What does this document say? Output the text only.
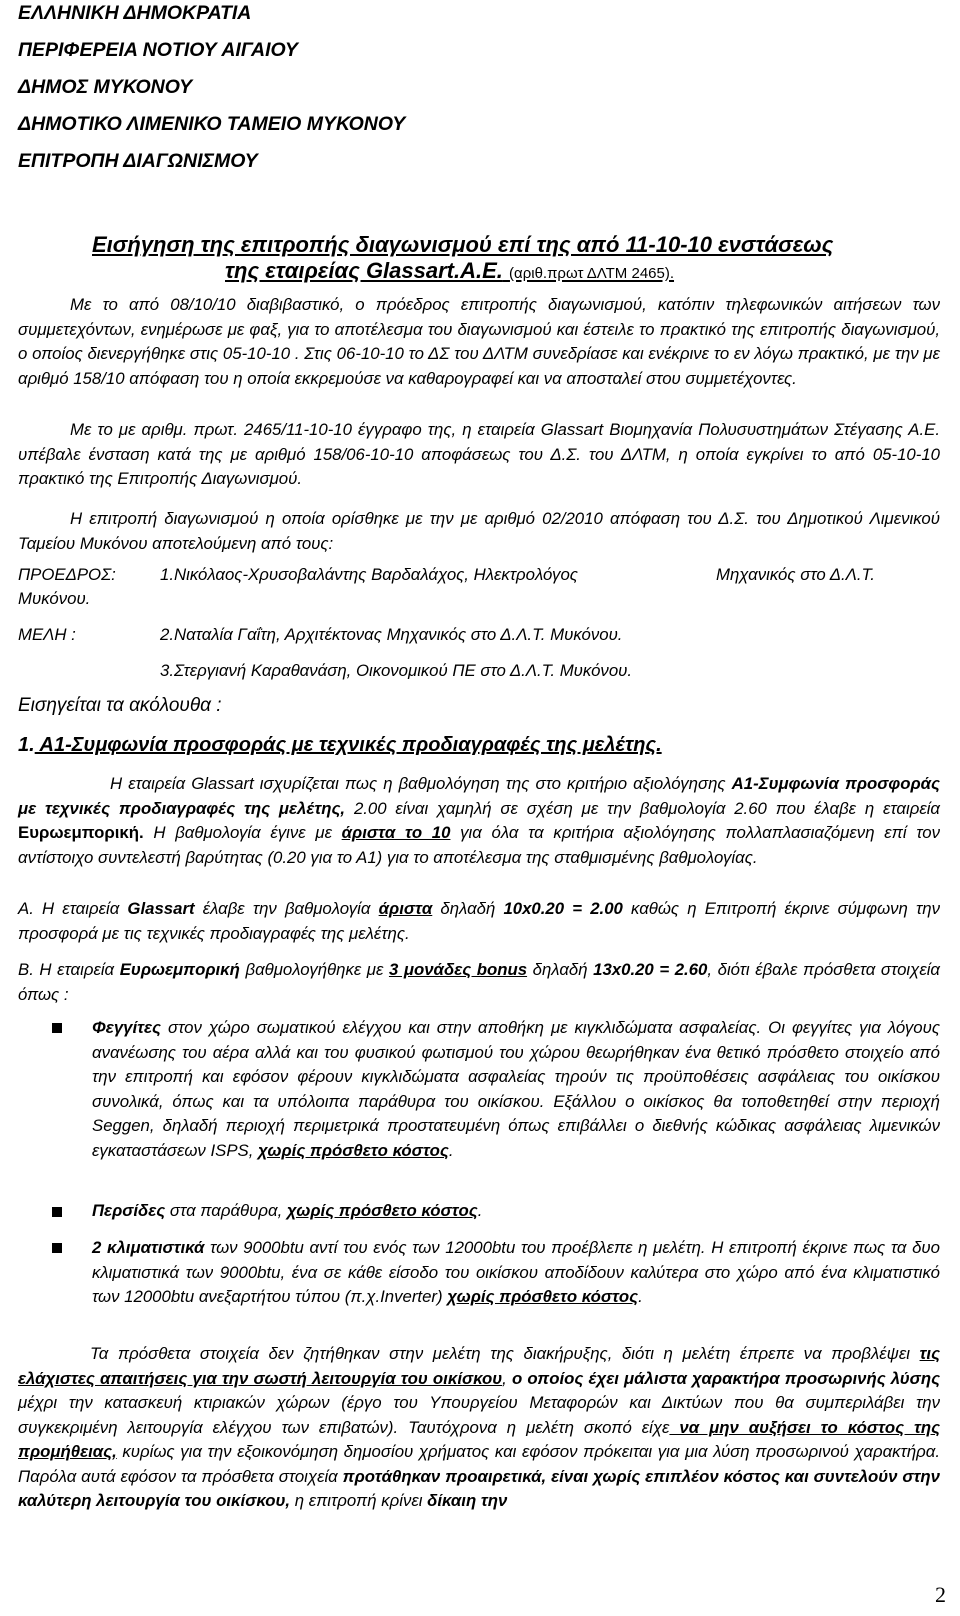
ΕΛΛΗΝΙΚΗ ΔΗΜΟΚΡΑΤΙΑ
ΠΕΡΙΦΕΡΕΙΑ ΝΟΤΙΟΥ ΑΙΓΑΙΟΥ
ΔΗΜΟΣ ΜΥΚΟΝΟΥ
ΔΗΜΟΤΙΚΟ ΛΙΜΕΝΙΚΟ ΤΑΜΕΙΟ ΜΥΚΟΝΟΥ
ΕΠΙΤΡΟΠΗ ΔΙΑΓΩΝΙΣΜΟΥ
Εισήγηση της επιτροπής διαγωνισμού επί της από 11-10-10 ενστάσεως
της εταιρείας Glassart.Α.Ε. (αριθ.πρωτ ΔΛΤΜ 2465).
Με το από 08/10/10 διαβιβαστικό, ο πρόεδρος επιτροπής διαγωνισμού, κατόπιν τηλεφωνικών αιτήσεων των συμμετεχόντων, ενημέρωσε με φαξ, για το αποτέλεσμα του διαγωνισμού και έστειλε το πρακτικό της επιτροπής διαγωνισμού, ο οποίος διενεργήθηκε στις 05-10-10 . Στις 06-10-10 το ΔΣ του ΔΛΤΜ συνεδρίασε και ενέκρινε το εν λόγω πρακτικό, με την με αριθμό 158/10 απόφαση του η οποία εκκρεμούσε να καθαρογραφεί και να αποσταλεί στου συμμετέχοντες.
Με το με αριθμ. πρωτ. 2465/11-10-10 έγγραφο της, η εταιρεία Glassart Βιομηχανία Πολυσυστημάτων Στέγασης Α.Ε. υπέβαλε ένσταση κατά της με αριθμό 158/06-10-10 αποφάσεως του Δ.Σ. του ΔΛΤΜ, η οποία εγκρίνει το από 05-10-10 πρακτικό της Επιτροπής Διαγωνισμού.
Η επιτροπή διαγωνισμού η οποία ορίσθηκε με την με αριθμό 02/2010 απόφαση του Δ.Σ. του Δημοτικού Λιμενικού Ταμείου Μυκόνου αποτελούμενη από τους:
ΠΡΟΕΔΡΟΣ:	1.Νικόλαος-Χρυσοβαλάντης Βαρδαλάχος, Ηλεκτρολόγος	Μηχανικός στο Δ.Λ.Τ.
Μυκόνου.
ΜΕΛΗ :	2.Ναταλία Γαΐτη, Αρχιτέκτονας Μηχανικός στο Δ.Λ.Τ. Μυκόνου.
3.Στεργιανή Καραθανάση, Οικονομικού ΠΕ στο Δ.Λ.Τ. Μυκόνου.
Εισηγείται τα ακόλουθα :
1. Α1-Συμφωνία προσφοράς με τεχνικές προδιαγραφές της μελέτης.
Η εταιρεία Glassart ισχυρίζεται πως η βαθμολόγηση της στο κριτήριο αξιολόγησης Α1-Συμφωνία προσφοράς με τεχνικές προδιαγραφές της μελέτης, 2.00 είναι χαμηλή σε σχέση με την βαθμολογία 2.60 που έλαβε η εταιρεία Ευρωεμπορική. Η βαθμολογία έγινε με άριστα το 10 για όλα τα κριτήρια αξιολόγησης πολλαπλασιαζόμενη επί τον αντίστοιχο συντελεστή βαρύτητας (0.20 για το Α1) για το αποτέλεσμα της σταθμισμένης βαθμολογίας.
Α. Η εταιρεία Glassart έλαβε την βαθμολογία άριστα δηλαδή 10x0.20 = 2.00 καθώς η Επιτροπή έκρινε σύμφωνη την προσφορά με τις τεχνικές προδιαγραφές της μελέτης.
Β. Η εταιρεία Ευρωεμπορική βαθμολογήθηκε με 3 μονάδες bonus δηλαδή 13x0.20 = 2.60, διότι έβαλε πρόσθετα στοιχεία όπως :
Φεγγίτες στον χώρο σωματικού ελέγχου και στην αποθήκη με κιγκλιδώματα ασφαλείας. Οι φεγγίτες για λόγους ανανέωσης του αέρα αλλά και του φυσικού φωτισμού του χώρου θεωρήθηκαν ένα θετικό πρόσθετο στοιχείο από την επιτροπή και εφόσον φέρουν κιγκλιδώματα ασφαλείας τηρούν τις προϋποθέσεις ασφάλειας του οικίσκου συνολικά, όπως και τα υπόλοιπα παράθυρα του οικίσκου. Εξάλλου ο οικίσκος θα τοποθετηθεί στην περιοχή Seggen, δηλαδή περιοχή περιμετρικά προστατευμένη όπως επιβάλλει ο διεθνής κώδικας ασφάλειας λιμενικών εγκαταστάσεων ISPS, χωρίς πρόσθετο κόστος.
Περσίδες στα παράθυρα, χωρίς πρόσθετο κόστος.
2 κλιματιστικά των 9000btu αντί του ενός των 12000btu του προέβλεπε η μελέτη. Η επιτροπή έκρινε πως τα δυο κλιματιστικά των 9000btu, ένα σε κάθε είσοδο του οικίσκου αποδίδουν καλύτερα στο χώρο από ένα κλιματιστικό των 12000btu ανεξαρτήτου τύπου (π.χ.Inverter) χωρίς πρόσθετο κόστος.
Τα πρόσθετα στοιχεία δεν ζητήθηκαν στην μελέτη της διακήρυξης, διότι η μελέτη έπρεπε να προβλέψει τις ελάχιστες απαιτήσεις για την σωστή λειτουργία του οικίσκου, ο οποίος έχει μάλιστα χαρακτήρα προσωρινής λύσης μέχρι την κατασκευή κτιριακών χώρων (έργο του Υπουργείου Μεταφορών και Δικτύων που θα συμπεριλάβει την συγκεκριμένη λειτουργία ελέγχου των επιβατών). Ταυτόχρονα η μελέτη σκοπό είχε να μην αυξήσει το κόστος της προμήθειας, κυρίως για την εξοικονόμηση δημοσίου χρήματος και εφόσον πρόκειται για μια λύση προσωρινού χαρακτήρα. Παρόλα αυτά εφόσον τα πρόσθετα στοιχεία προτάθηκαν προαιρετικά, είναι χωρίς επιπλέον κόστος και συντελούν στην καλύτερη λειτουργία του οικίσκου, η επιτροπή κρίνει δίκαιη την
2
